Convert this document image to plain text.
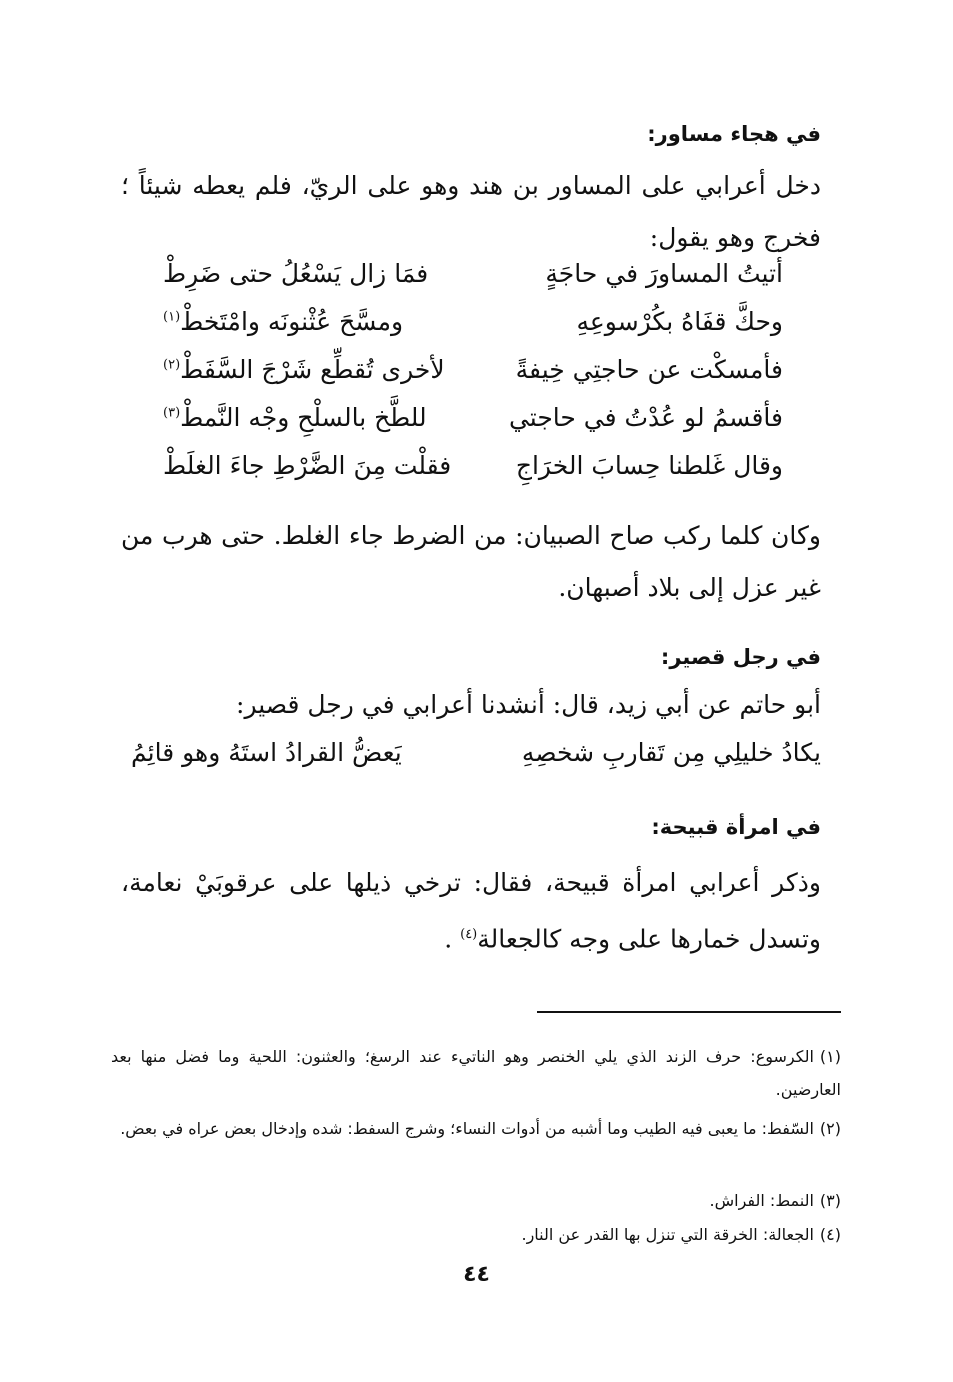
في هجاء مساور:
دخل أعرابي على المساور بن هند وهو على الريّ، فلم يعطه شيئاً ؛ فخرج وهو يقول:
أتيتُ المساورَ في حاجَةٍ
فمَا زال يَسْعُلُ حتى ضَرِطْ
وحكَّ قفَاهُ بكُرْسوعِهِ
ومسَّحَ عُثْنونَه وامْتَخطْ$^{(١)}$
فأمسكْت عن حاجتِي خِيفةً
لأخرى تُقطِّع شَرْجَ السَّفَطْ$^{(٢)}$
فأقسمُ لو عُدْتُ في حاجتي
للطَّخ بالسلْحِ وجْه النَّمطْ$^{(٣)}$
وقال غَلطنا حِسابَ الخرَاجِ
فقلْت مِنَ الضَّرْطِ جاءَ الغلَطْ
وكان كلما ركب صاح الصبيان: من الضرط جاء الغلط. حتى هرب من غير عزل إلى بلاد أصبهان.
في رجل قصير:
أبو حاتم عن أبي زيد، قال: أنشدنا أعرابي في رجل قصير:
يكادُ خليلِي مِن تَقاربِ شخصِهِ
يَعضُّ القرادُ استَهُ وهو قائِمُ
في امرأة قبيحة:
وذكر أعرابي امرأة قبيحة، فقال: ترخي ذيلها على عرقوبَيْ نعامة، وتسدل خمارها على وجه كالجعالة$^{(٤)}$ .
(١)الكرسوع: حرف الزند الذي يلي الخنصر وهو الناتيء عند الرسغ؛ والعثنون: اللحية وما فضل منها بعد العارضين.
(٢)السّفط: ما يعبى فيه الطيب وما أشبه من أدوات النساء؛ وشرج السفط: شده وإدخال بعض عراه في بعض.
(٣)النمط: الفراش.
(٤)الجعالة: الخرقة التي تنزل بها القدر عن النار.
٤٤
